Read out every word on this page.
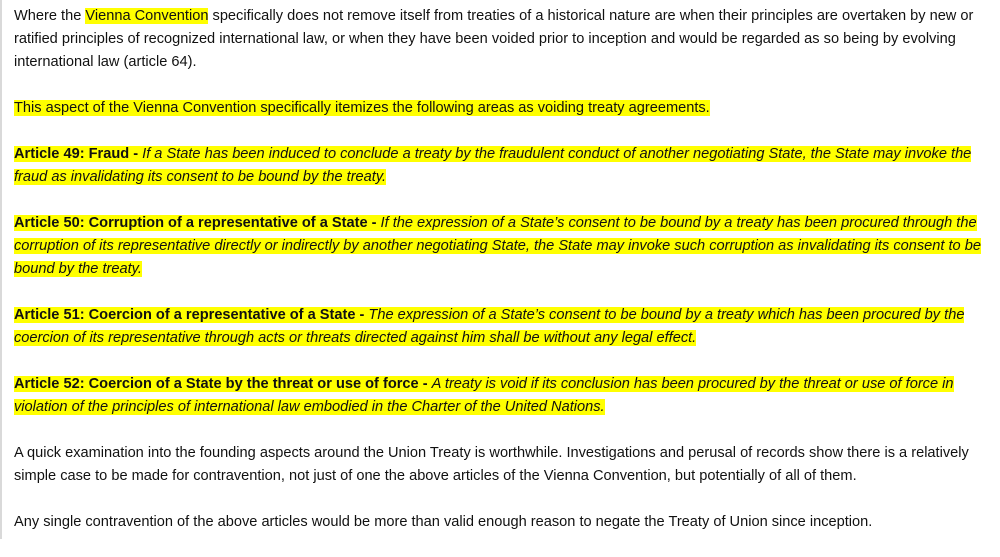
Where the Vienna Convention specifically does not remove itself from treaties of a historical nature are when their principles are overtaken by new or ratified principles of recognized international law, or when they have been voided prior to inception and would be regarded as so being by evolving international law (article 64).

This aspect of the Vienna Convention specifically itemizes the following areas as voiding treaty agreements.

Article 49: Fraud - If a State has been induced to conclude a treaty by the fraudulent conduct of another negotiating State, the State may invoke the fraud as invalidating its consent to be bound by the treaty.

Article 50: Corruption of a representative of a State - If the expression of a State’s consent to be bound by a treaty has been procured through the corruption of its representative directly or indirectly by another negotiating State, the State may invoke such corruption as invalidating its consent to be bound by the treaty.

Article 51: Coercion of a representative of a State - The expression of a State’s consent to be bound by a treaty which has been procured by the coercion of its representative through acts or threats directed against him shall be without any legal effect.

Article 52: Coercion of a State by the threat or use of force - A treaty is void if its conclusion has been procured by the threat or use of force in violation of the principles of international law embodied in the Charter of the United Nations.

A quick examination into the founding aspects around the Union Treaty is worthwhile. Investigations and perusal of records show there is a relatively simple case to be made for contravention, not just of one the above articles of the Vienna Convention, but potentially of all of them.

Any single contravention of the above articles would be more than valid enough reason to negate the Treaty of Union since inception.
